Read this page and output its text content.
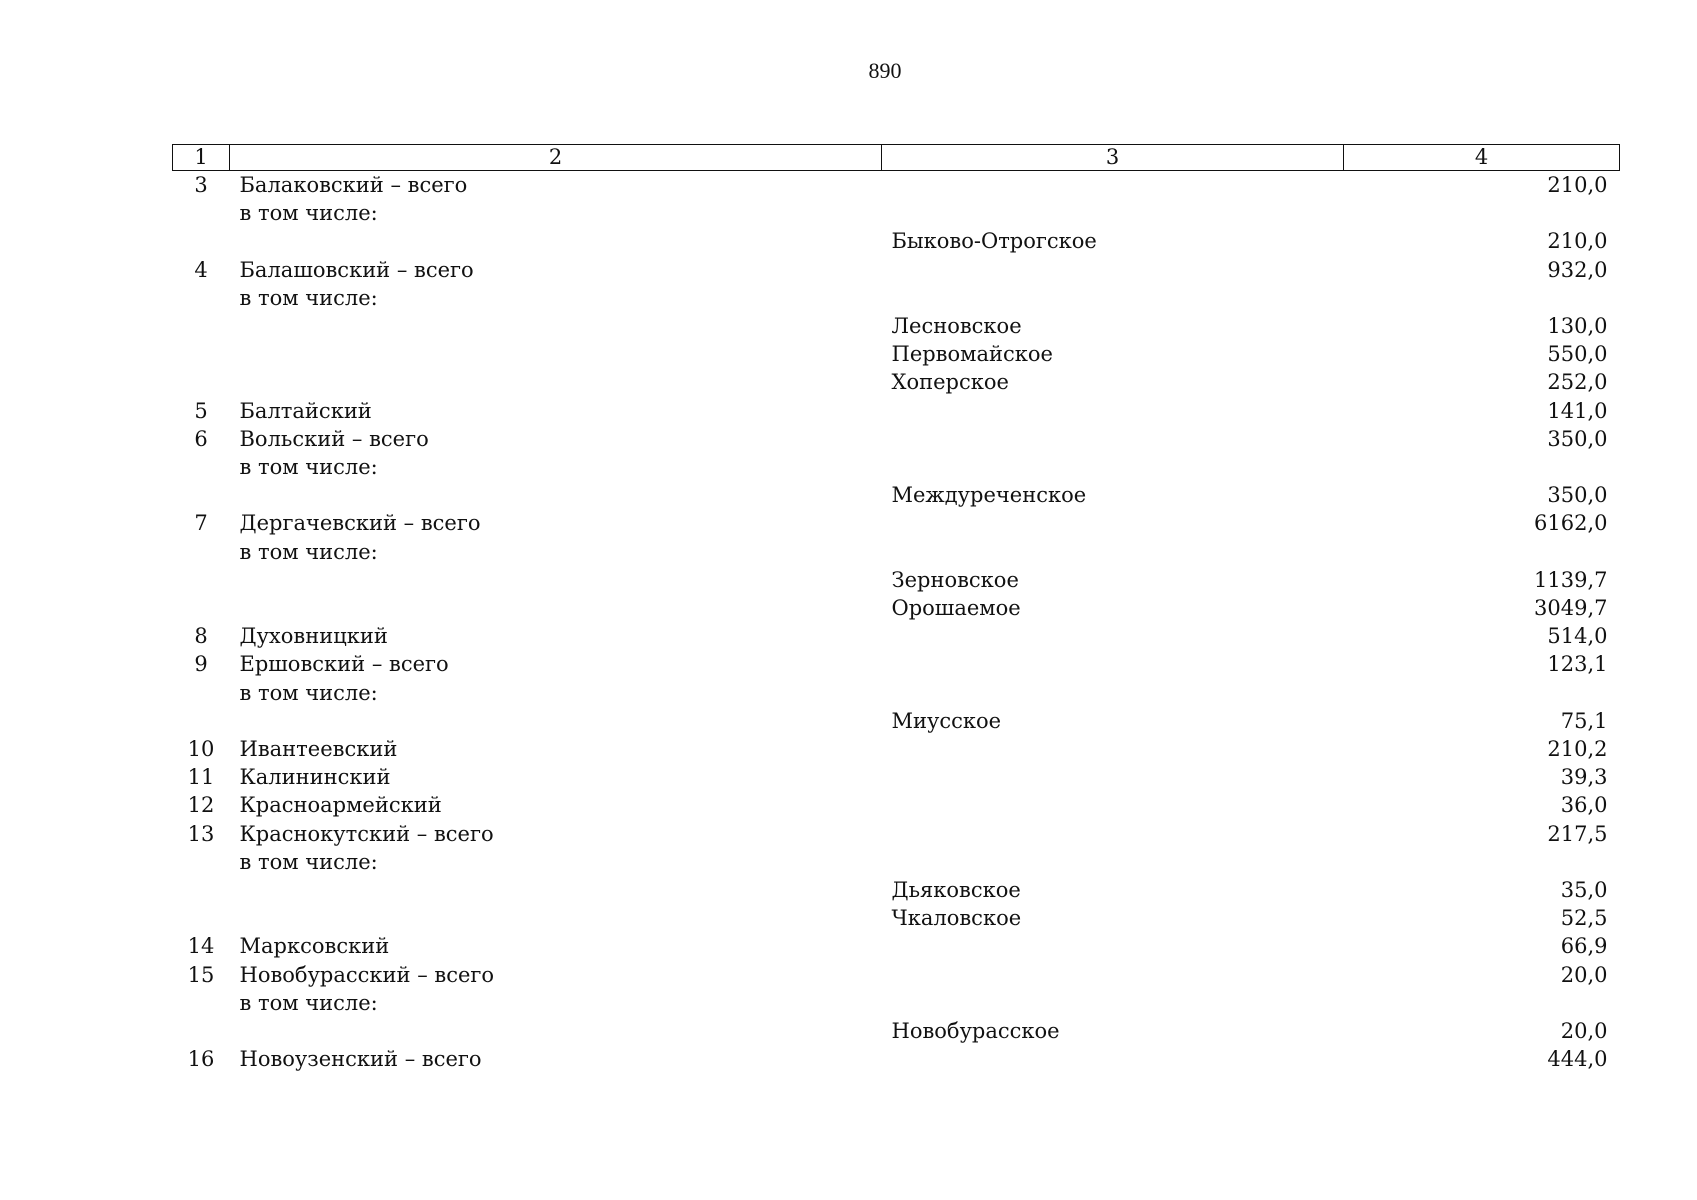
890
1	2	3	4
3	Балаковский – всего		210,0
	в том числе:		
		Быково-Отрогское	210,0
4	Балашовский – всего		932,0
	в том числе:		
		Лесновское	130,0
		Первомайское	550,0
		Хоперское	252,0
5	Балтайский		141,0
6	Вольский – всего		350,0
	в том числе:		
		Междуреченское	350,0
7	Дергачевский – всего		6162,0
	в том числе:		
		Зерновское	1139,7
		Орошаемое	3049,7
8	Духовницкий		514,0
9	Ершовский – всего		123,1
	в том числе:		
		Миусское	75,1
10	Ивантеевский		210,2
11	Калининский		39,3
12	Красноармейский		36,0
13	Краснокутский – всего		217,5
	в том числе:		
		Дьяковское	35,0
		Чкаловское	52,5
14	Марксовский		66,9
15	Новобурасский – всего		20,0
	в том числе:		
		Новобурасское	20,0
16	Новоузенский – всего		444,0
